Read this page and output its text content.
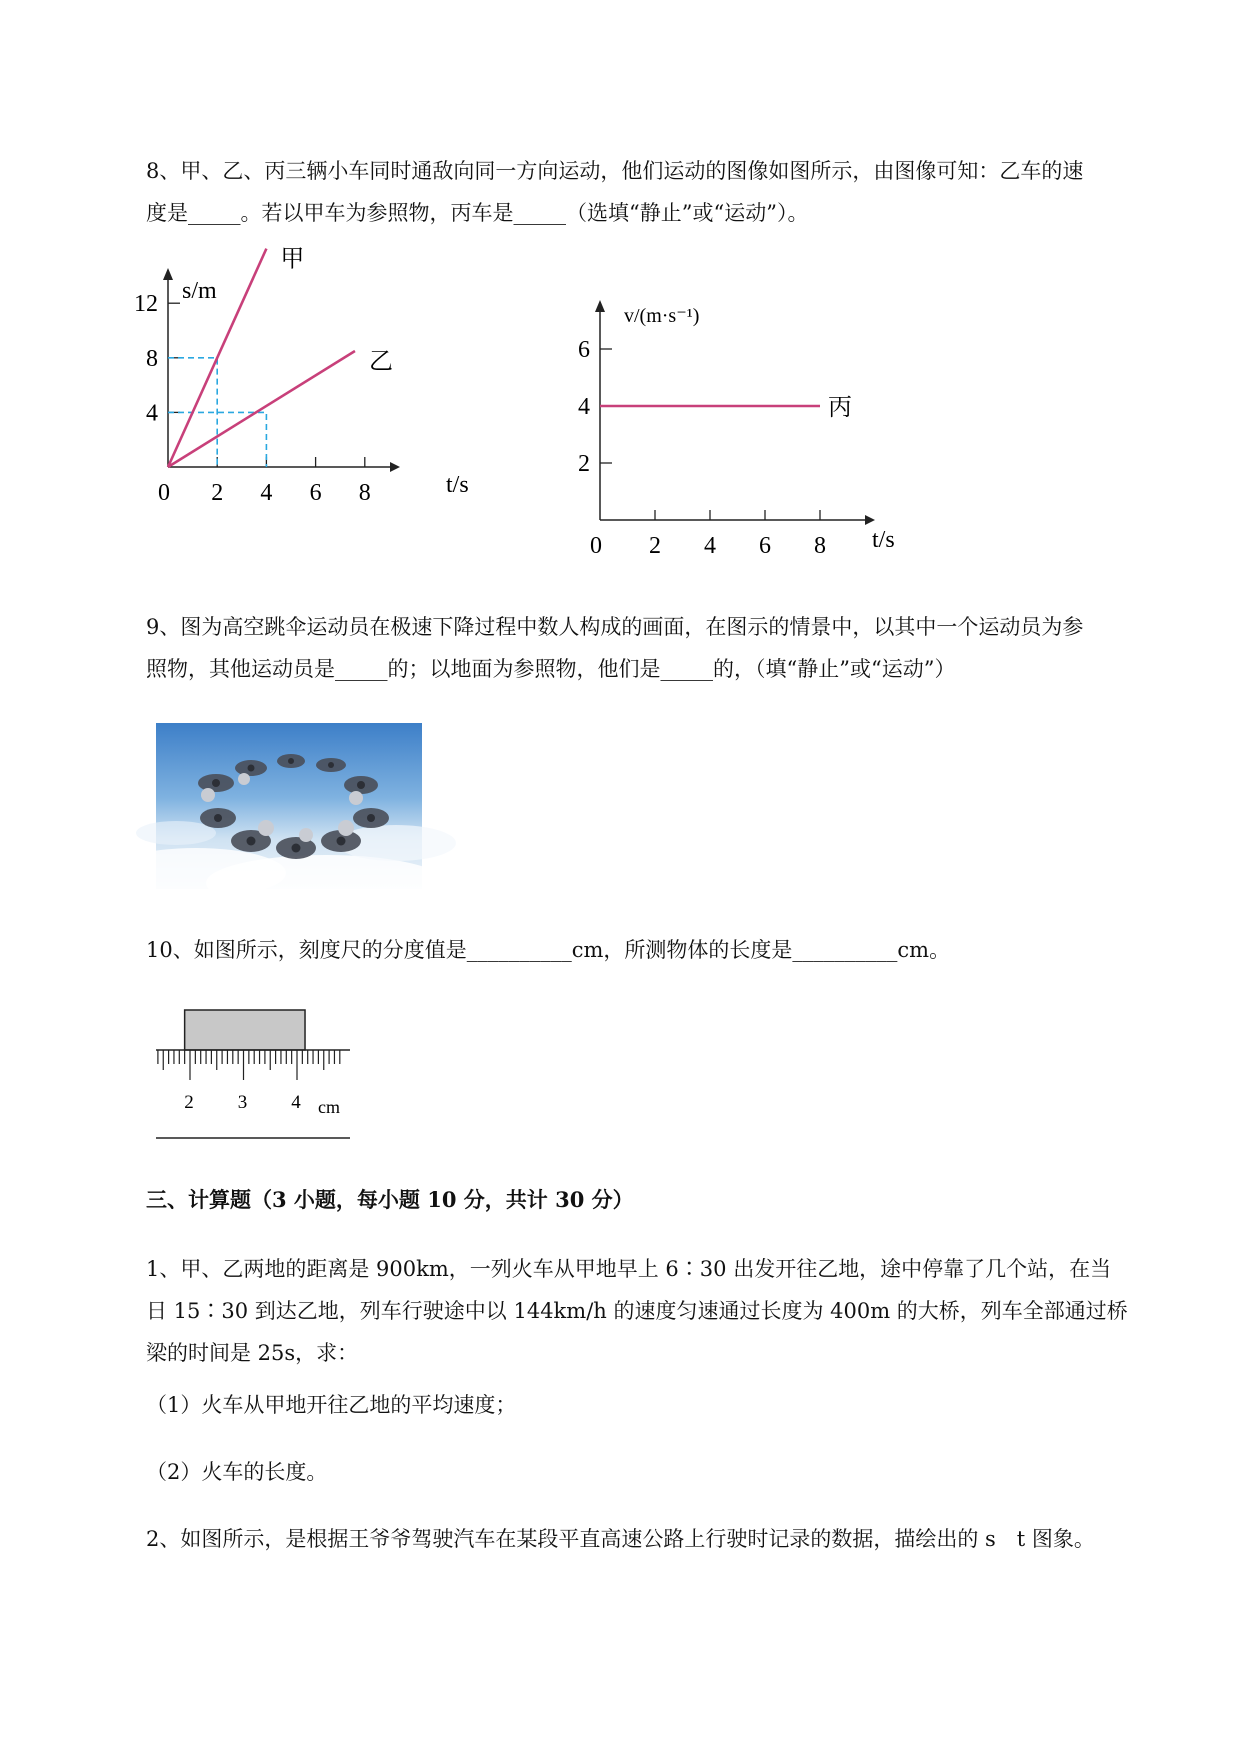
8、甲、乙、丙三辆小车同时通敌向同一方向运动，他们运动的图像如图所示，由图像可知：乙车的速
度是_____。若以甲车为参照物，丙车是_____（选填“静止”或“运动”）。
0 2 4 6 8
4
8
12
甲
乙
t/s
s/m
0 2 4 6 8
2
4
6
丙
t/s
v/(m·s⁻¹)
9、图为高空跳伞运动员在极速下降过程中数人构成的画面，在图示的情景中，以其中一个运动员为参
照物，其他运动员是_____的；以地面为参照物，他们是_____的，（填“静止”或“运动”）
10、如图所示，刻度尺的分度值是__________cm，所测物体的长度是__________cm。
2 3 4 cm
三、计算题（3 小题，每小题 10 分，共计 30 分）
1、甲、乙两地的距离是 900km，一列火车从甲地早上 6∶30 出发开往乙地，途中停靠了几个站，在当
日 15∶30 到达乙地，列车行驶途中以 144km/h 的速度匀速通过长度为 400m 的大桥，列车全部通过桥
梁的时间是 25s，求：
（1）火车从甲地开往乙地的平均速度；
（2）火车的长度。
2、如图所示，是根据王爷爷驾驶汽车在某段平直高速公路上行驶时记录的数据，描绘出的 s　t 图象。
